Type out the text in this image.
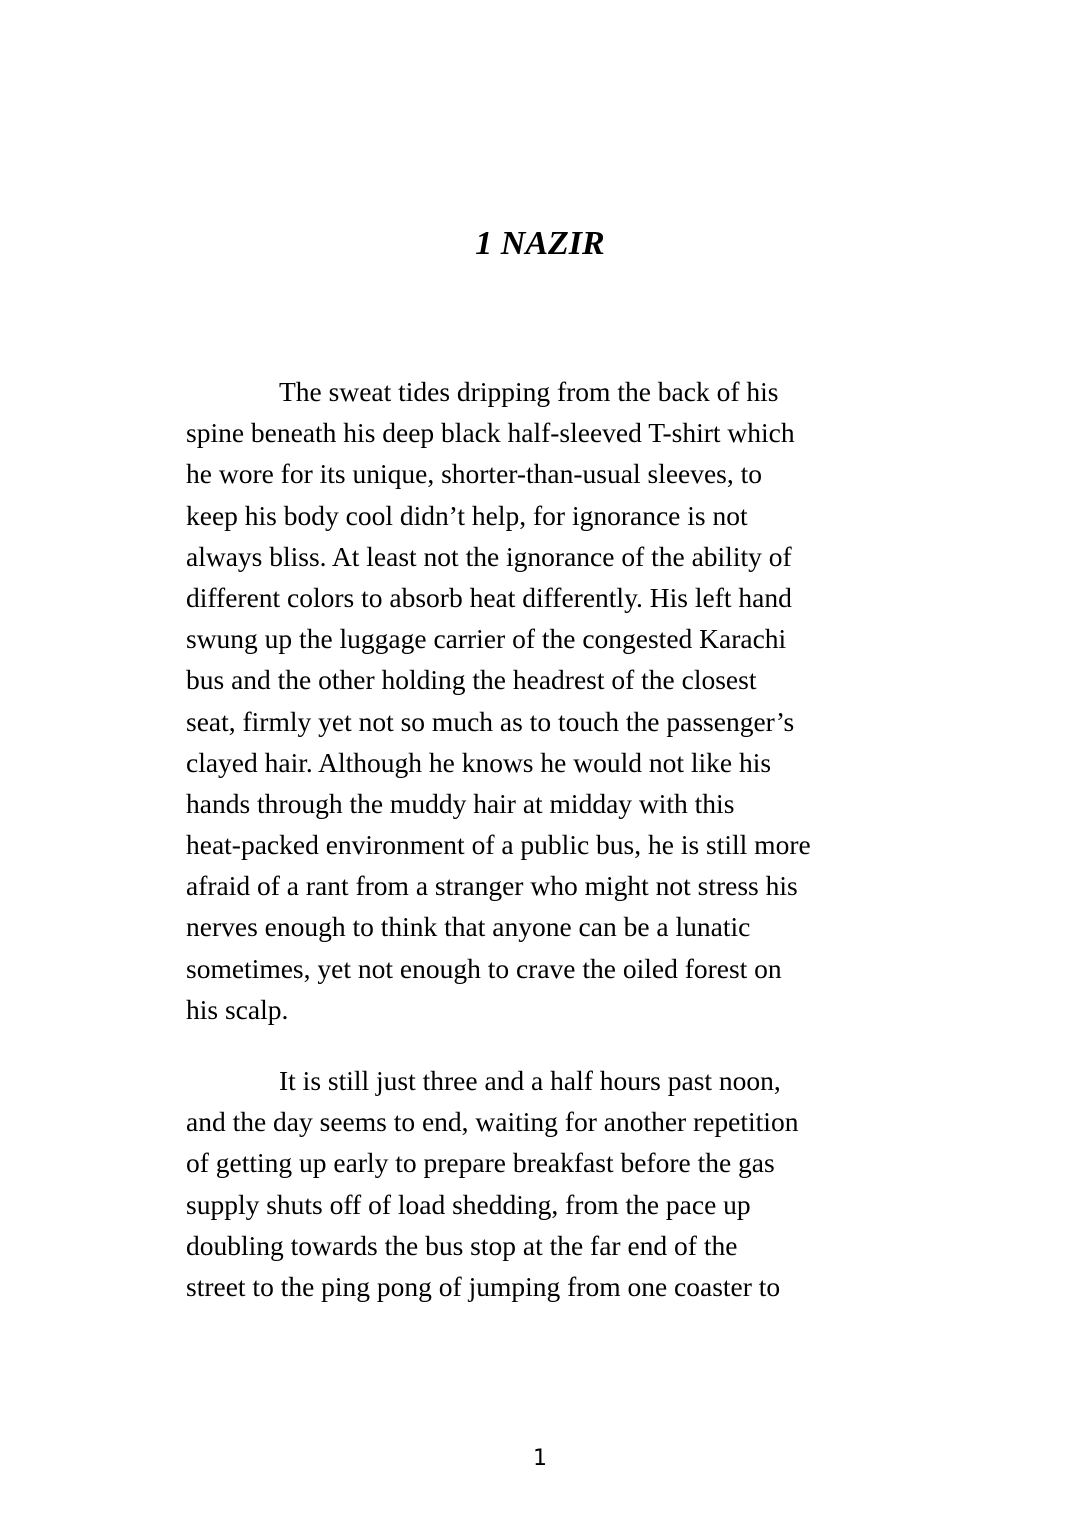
1 NAZIR
The sweat tides dripping from the back of his
spine beneath his deep black half-sleeved T-shirt which
he wore for its unique, shorter-than-usual sleeves, to
keep his body cool didn’t help, for ignorance is not
always bliss. At least not the ignorance of the ability of
different colors to absorb heat differently. His left hand
swung up the luggage carrier of the congested Karachi
bus and the other holding the headrest of the closest
seat, firmly yet not so much as to touch the passenger’s
clayed hair. Although he knows he would not like his
hands through the muddy hair at midday with this
heat-packed environment of a public bus, he is still more
afraid of a rant from a stranger who might not stress his
nerves enough to think that anyone can be a lunatic
sometimes, yet not enough to crave the oiled forest on
his scalp.
It is still just three and a half hours past noon,
and the day seems to end, waiting for another repetition
of getting up early to prepare breakfast before the gas
supply shuts off of load shedding, from the pace up
doubling towards the bus stop at the far end of the
street to the ping pong of jumping from one coaster to
1
